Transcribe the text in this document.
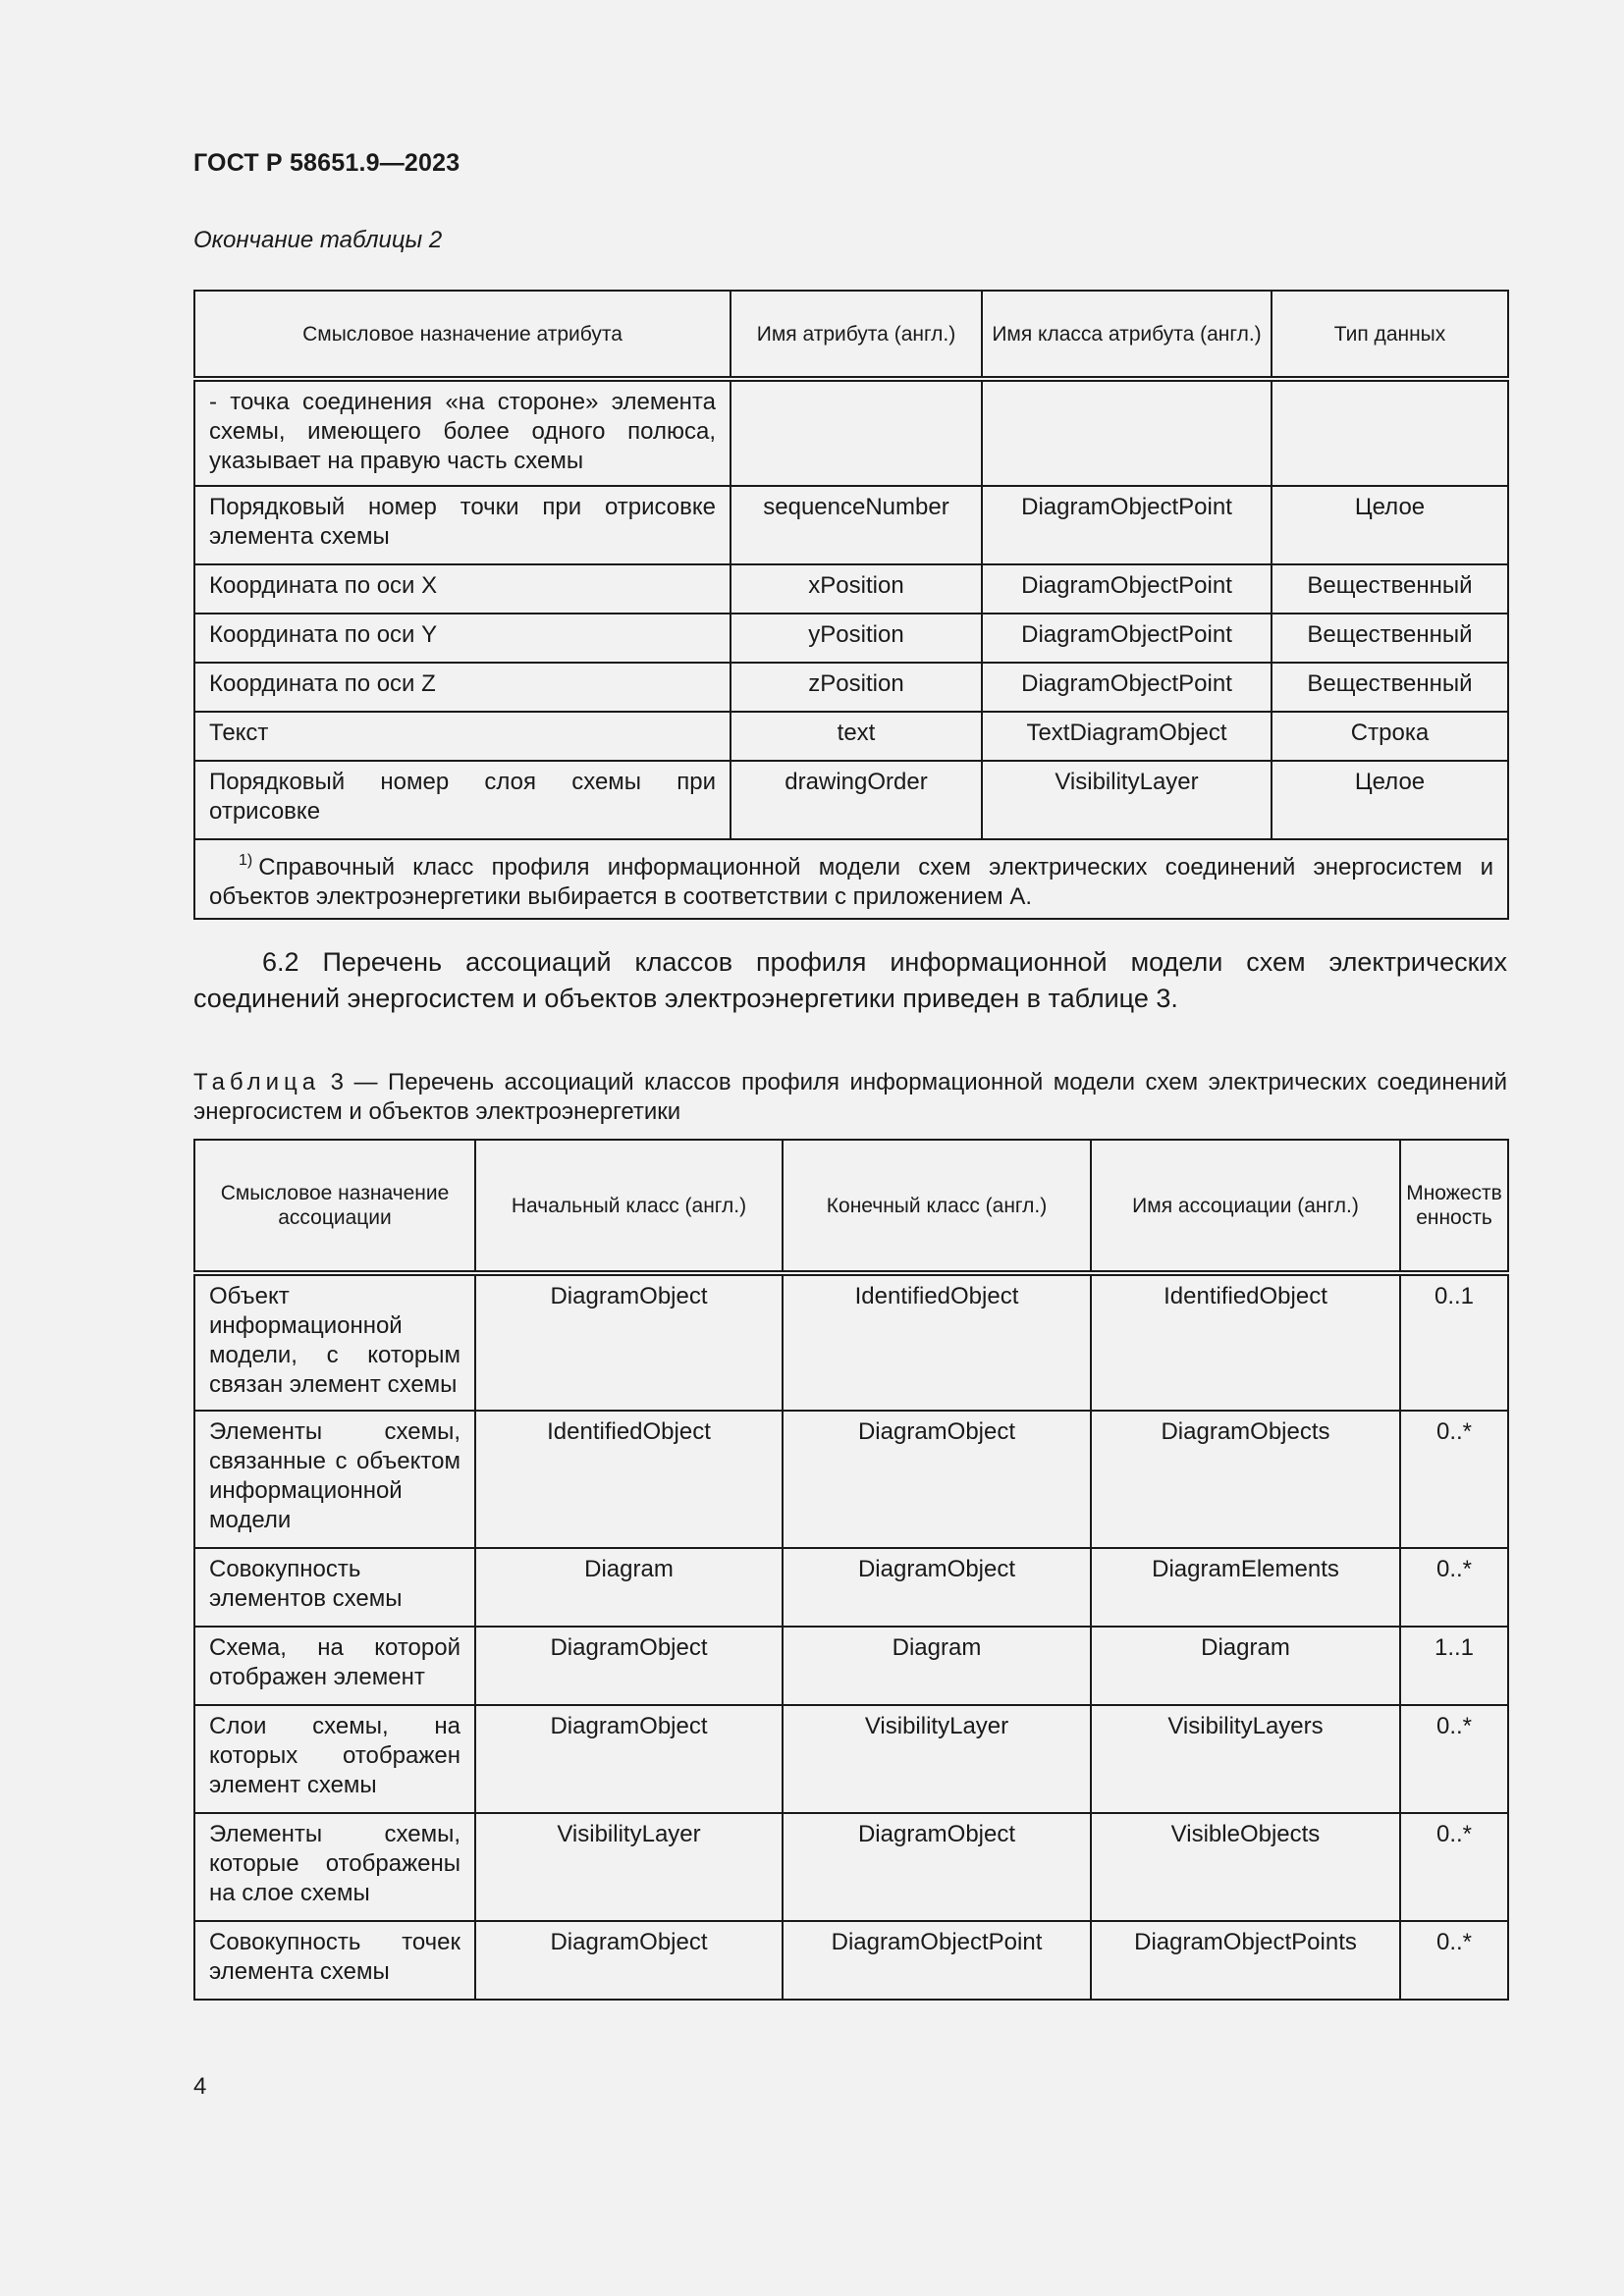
ГОСТ Р 58651.9—2023
Окончание таблицы 2
Смысловое назначение атрибута	Имя атрибута (англ.)	Имя класса атрибута (англ.)	Тип данных
- точка соединения «на стороне» элемента схемы, имеющего более одного полюса, указывает на правую часть схемы			
Порядковый номер точки при отрисовке элемента схемы	sequenceNumber	DiagramObjectPoint	Целое
Координата по оси X	xPosition	DiagramObjectPoint	Вещественный
Координата по оси Y	yPosition	DiagramObjectPoint	Вещественный
Координата по оси Z	zPosition	DiagramObjectPoint	Вещественный
Текст	text	TextDiagramObject	Строка
Порядковый номер слоя схемы при отрисовке	drawingOrder	VisibilityLayer	Целое
$^{1)}$ Справочный класс профиля информационной модели схем электрических соединений энергосистем и объектов электроэнергетики выбирается в соответствии с приложением А.			
6.2 Перечень ассоциаций классов профиля информационной модели схем электрических соединений энергосистем и объектов электроэнергетики приведен в таблице 3.
Таблица 3 — Перечень ассоциаций классов профиля информационной модели схем электрических соединений энергосистем и объектов электроэнергетики
Смысловое назначение ассоциации	Начальный класс (англ.)	Конечный класс (англ.)	Имя ассоциации (англ.)	Множественность
Объект информационной модели, с которым связан элемент схемы	DiagramObject	IdentifiedObject	IdentifiedObject	0..1
Элементы схемы, связанные с объектом информационной модели	IdentifiedObject	DiagramObject	DiagramObjects	0..*
Совокупность элементов схемы	Diagram	DiagramObject	DiagramElements	0..*
Схема, на которой отображен элемент	DiagramObject	Diagram	Diagram	1..1
Слои схемы, на которых отображен элемент схемы	DiagramObject	VisibilityLayer	VisibilityLayers	0..*
Элементы схемы, которые отображены на слое схемы	VisibilityLayer	DiagramObject	VisibleObjects	0..*
Совокупность точек элемента схемы	DiagramObject	DiagramObjectPoint	DiagramObjectPoints	0..*
4
